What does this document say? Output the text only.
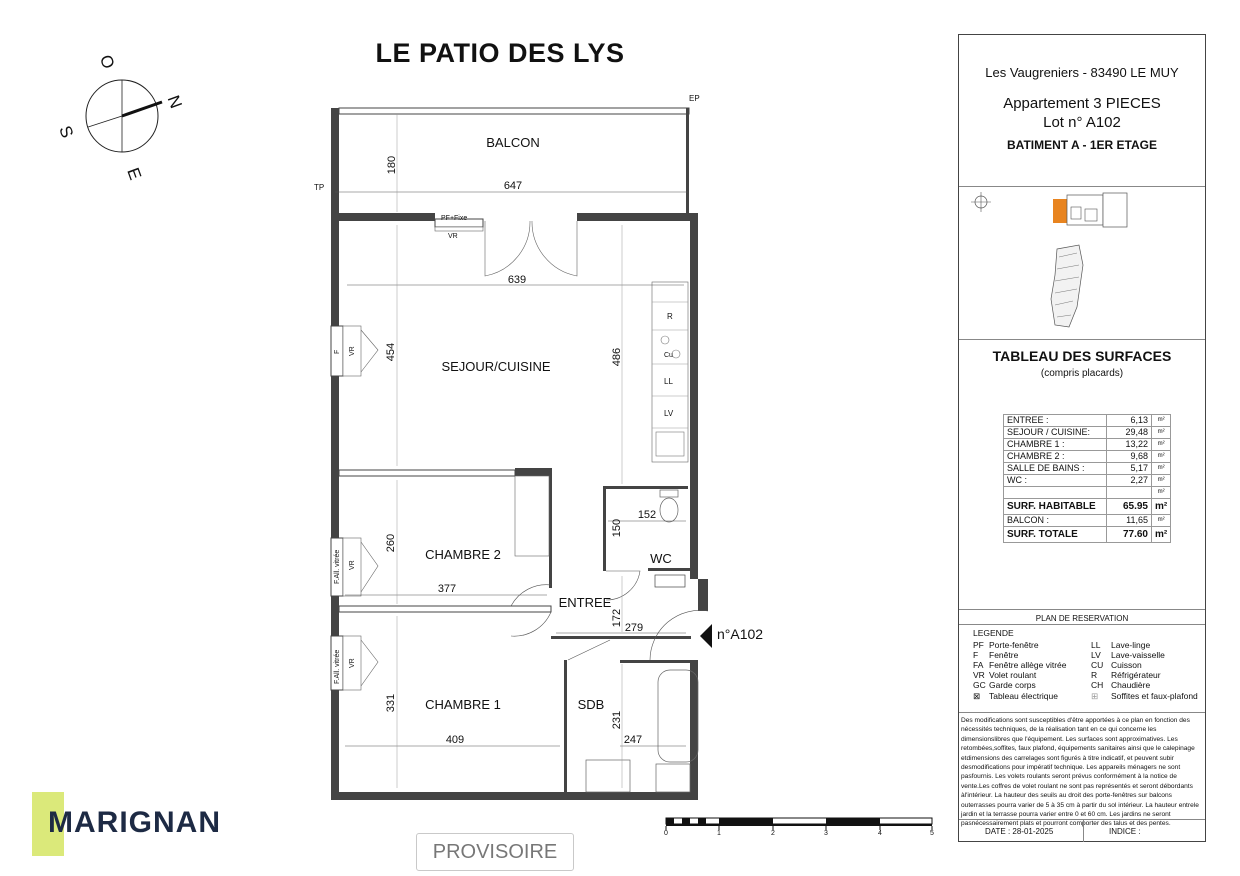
LE PATIO DES LYS
N
S
E
O
BALCON
SEJOUR/CUISINE
CHAMBRE 2
CHAMBRE 1
ENTREE
WC
SDB
647
180
639
454	486
260
377
152
150
172
279
331
409
231
247
EP
TP
PF+Fixe
VR
F VR
F.All. vitrée VR
F.All. vitrée VR
R
Cu
LL
LV
n°A102
0	1	2	3	4	5
MARIGNAN
PROVISOIRE
Les Vaugreniers - 83490 LE MUY
Appartement 3 PIECES
Lot n° A102
BATIMENT A - 1ER ETAGE
TABLEAU DES SURFACES
(compris placards)
ENTREE :	6,13	m²
SEJOUR / CUISINE:	29,48	m²
CHAMBRE 1 :	13,22	m²
CHAMBRE 2 :	9,68	m²
SALLE DE BAINS :	5,17	m²
WC :	2,27	m²
		m²
SURF. HABITABLE	65.95	m²
BALCON :	11,65	m²
SURF. TOTALE	77.60	m²
PLAN DE RESERVATION
LEGENDE
PF Porte-fenêtre
F Fenêtre
FA Fenêtre allège vitrée
VR Volet roulant
GC Garde corps
⊠ Tableau électrique
LL Lave-linge
LV Lave-vaisselle
CU Cuisson
R Réfrigérateur
CH Chaudière
⊞ Soffites et faux-plafond
Des modifications sont susceptibles d'être apportées à ce plan en fonction des nécessités techniques, de la réalisation tant en ce qui concerne les dimensionslibres que l'équipement. Les surfaces sont approximatives. Les retombées,soffites, faux plafond, équipements sanitaires ainsi que le calepinage etdimensions des carrelages sont figurés à titre indicatif, et peuvent subir desmodifications pour impératif technique. Les appareils ménagers ne sont pasfournis. Les volets roulants seront prévus conformément à la notice de vente.Les coffres de volet roulant ne sont pas représentés et seront débordants àl'intérieur. La hauteur des seuils au droit des porte-fenêtres sur balcons outerrasses pourra varier de 5 à 35 cm à partir du sol intérieur. La hauteur entrele jardin et la terrasse pourra varier entre 0 et 60 cm. Les jardins ne seront pasnécessairement plats et pourront comporter des talus et des pentes.
DATE : 28-01-2025	INDICE :
